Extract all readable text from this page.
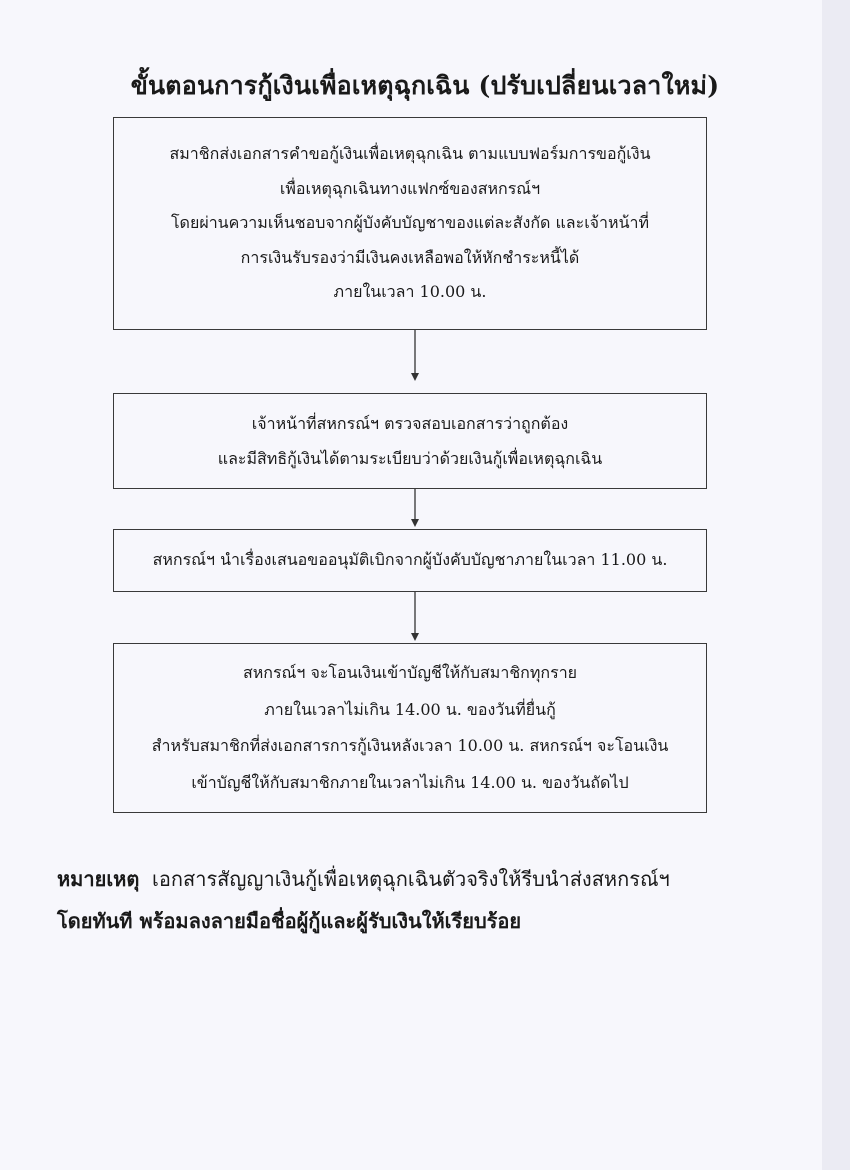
ขั้นตอนการกู้เงินเพื่อเหตุฉุกเฉิน (ปรับเปลี่ยนเวลาใหม่)
สมาชิกส่งเอกสารคำขอกู้เงินเพื่อเหตุฉุกเฉิน ตามแบบฟอร์มการขอกู้เงิน
เพื่อเหตุฉุกเฉินทางแฟกซ์ของสหกรณ์ฯ
โดยผ่านความเห็นชอบจากผู้บังคับบัญชาของแต่ละสังกัด และเจ้าหน้าที่
การเงินรับรองว่ามีเงินคงเหลือพอให้หักชำระหนี้ได้
ภายในเวลา 10.00 น.
เจ้าหน้าที่สหกรณ์ฯ ตรวจสอบเอกสารว่าถูกต้อง
และมีสิทธิกู้เงินได้ตามระเบียบว่าด้วยเงินกู้เพื่อเหตุฉุกเฉิน
สหกรณ์ฯ นำเรื่องเสนอขออนุมัติเบิกจากผู้บังคับบัญชาภายในเวลา 11.00 น.
สหกรณ์ฯ จะโอนเงินเข้าบัญชีให้กับสมาชิกทุกราย
ภายในเวลาไม่เกิน 14.00 น. ของวันที่ยื่นกู้
สำหรับสมาชิกที่ส่งเอกสารการกู้เงินหลังเวลา 10.00 น. สหกรณ์ฯ จะโอนเงิน
เข้าบัญชีให้กับสมาชิกภายในเวลาไม่เกิน 14.00 น. ของวันถัดไป
หมายเหตุ เอกสารสัญญาเงินกู้เพื่อเหตุฉุกเฉินตัวจริงให้รีบนำส่งสหกรณ์ฯ
โดยทันที พร้อมลงลายมือชื่อผู้กู้และผู้รับเงินให้เรียบร้อย
